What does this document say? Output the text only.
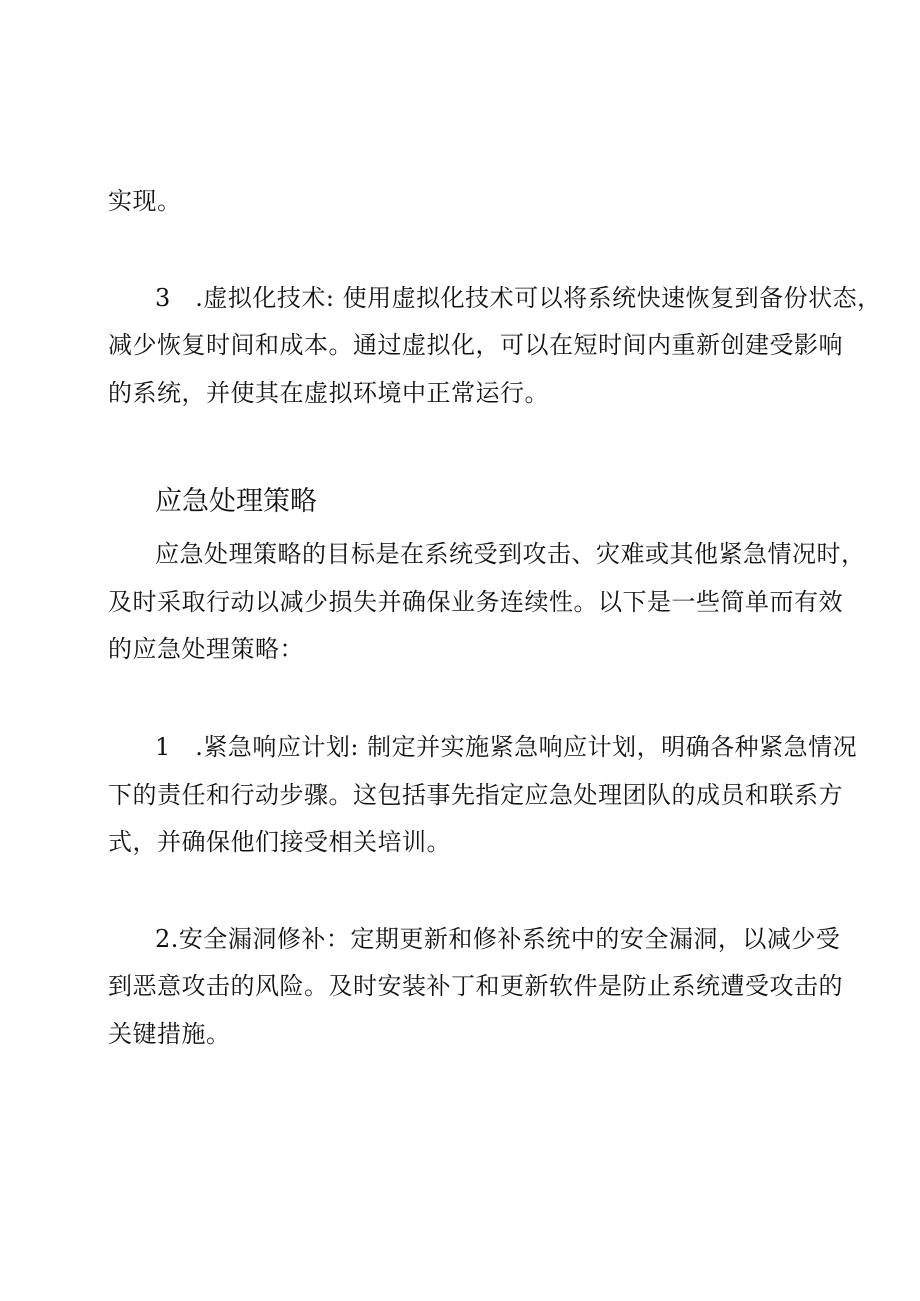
实现。
3　.虚拟化技术: 使用虚拟化技术可以将系统快速恢复到备份状态，
减少恢复时间和成本。通过虚拟化，可以在短时间内重新创建受影响
的系统，并使其在虚拟环境中正常运行。
应急处理策略
应急处理策略的目标是在系统受到攻击、灾难或其他紧急情况时，
及时采取行动以减少损失并确保业务连续性。以下是一些简单而有效
的应急处理策略：
1　.紧急响应计划: 制定并实施紧急响应计划，明确各种紧急情况
下的责任和行动步骤。这包括事先指定应急处理团队的成员和联系方
式，并确保他们接受相关培训。
2.安全漏洞修补：定期更新和修补系统中的安全漏洞，以减少受
到恶意攻击的风险。及时安装补丁和更新软件是防止系统遭受攻击的
关键措施。
